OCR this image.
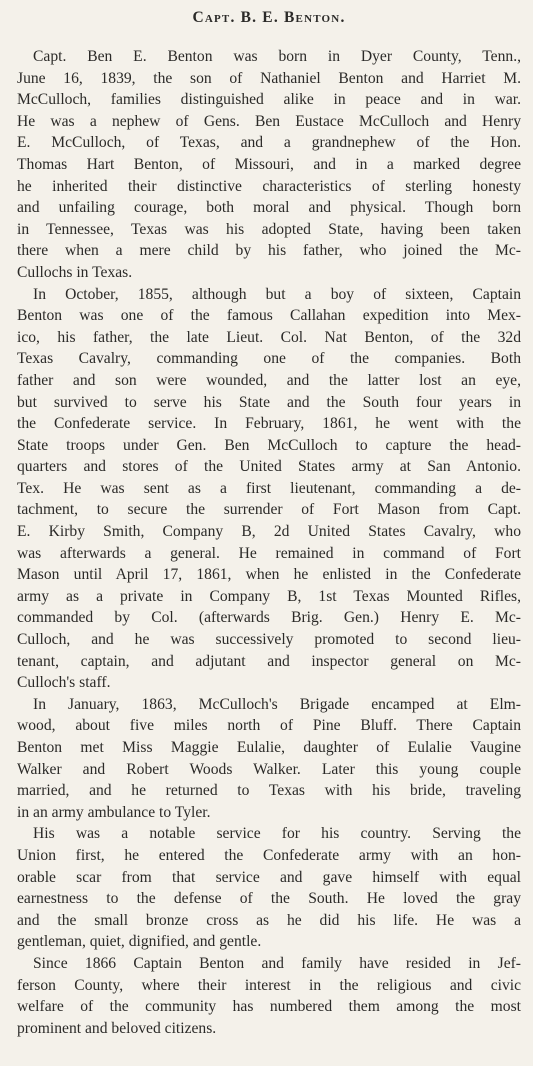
Capt. B. E. Benton.

Capt. Ben E. Benton was born in Dyer County, Tenn.,
June 16, 1839, the son of Nathaniel Benton and Harriet M.
McCulloch, families distinguished alike in peace and in war.
He was a nephew of Gens. Ben Eustace McCulloch and Henry
E. McCulloch, of Texas, and a grandnephew of the Hon.
Thomas Hart Benton, of Missouri, and in a marked degree
he inherited their distinctive characteristics of sterling honesty
and unfailing courage, both moral and physical. Though born
in Tennessee, Texas was his adopted State, having been taken
there when a mere child by his father, who joined the Mc-
Cullochs in Texas.

In October, 1855, although but a boy of sixteen, Captain
Benton was one of the famous Callahan expedition into Mex-
ico, his father, the late Lieut. Col. Nat Benton, of the 32d
Texas Cavalry, commanding one of the companies. Both
father and son were wounded, and the latter lost an eye,
but survived to serve his State and the South four years in
the Confederate service. In February, 1861, he went with the
State troops under Gen. Ben McCulloch to capture the head-
quarters and stores of the United States army at San Antonio.
Tex. He was sent as a first lieutenant, commanding a de-
tachment, to secure the surrender of Fort Mason from Capt.
E. Kirby Smith, Company B, 2d United States Cavalry, who
was afterwards a general. He remained in command of Fort
Mason until April 17, 1861, when he enlisted in the Confederate
army as a private in Company B, 1st Texas Mounted Rifles,
commanded by Col. (afterwards Brig. Gen.) Henry E. Mc-
Culloch, and he was successively promoted to second lieu-
tenant, captain, and adjutant and inspector general on Mc-
Culloch's staff.

In January, 1863, McCulloch's Brigade encamped at Elm-
wood, about five miles north of Pine Bluff. There Captain
Benton met Miss Maggie Eulalie, daughter of Eulalie Vaugine
Walker and Robert Woods Walker. Later this young couple
married, and he returned to Texas with his bride, traveling
in an army ambulance to Tyler.

His was a notable service for his country. Serving the
Union first, he entered the Confederate army with an hon-
orable scar from that service and gave himself with equal
earnestness to the defense of the South. He loved the gray
and the small bronze cross as he did his life. He was a
gentleman, quiet, dignified, and gentle.

Since 1866 Captain Benton and family have resided in Jef-
ferson County, where their interest in the religious and civic
welfare of the community has numbered them among the most
prominent and beloved citizens.
